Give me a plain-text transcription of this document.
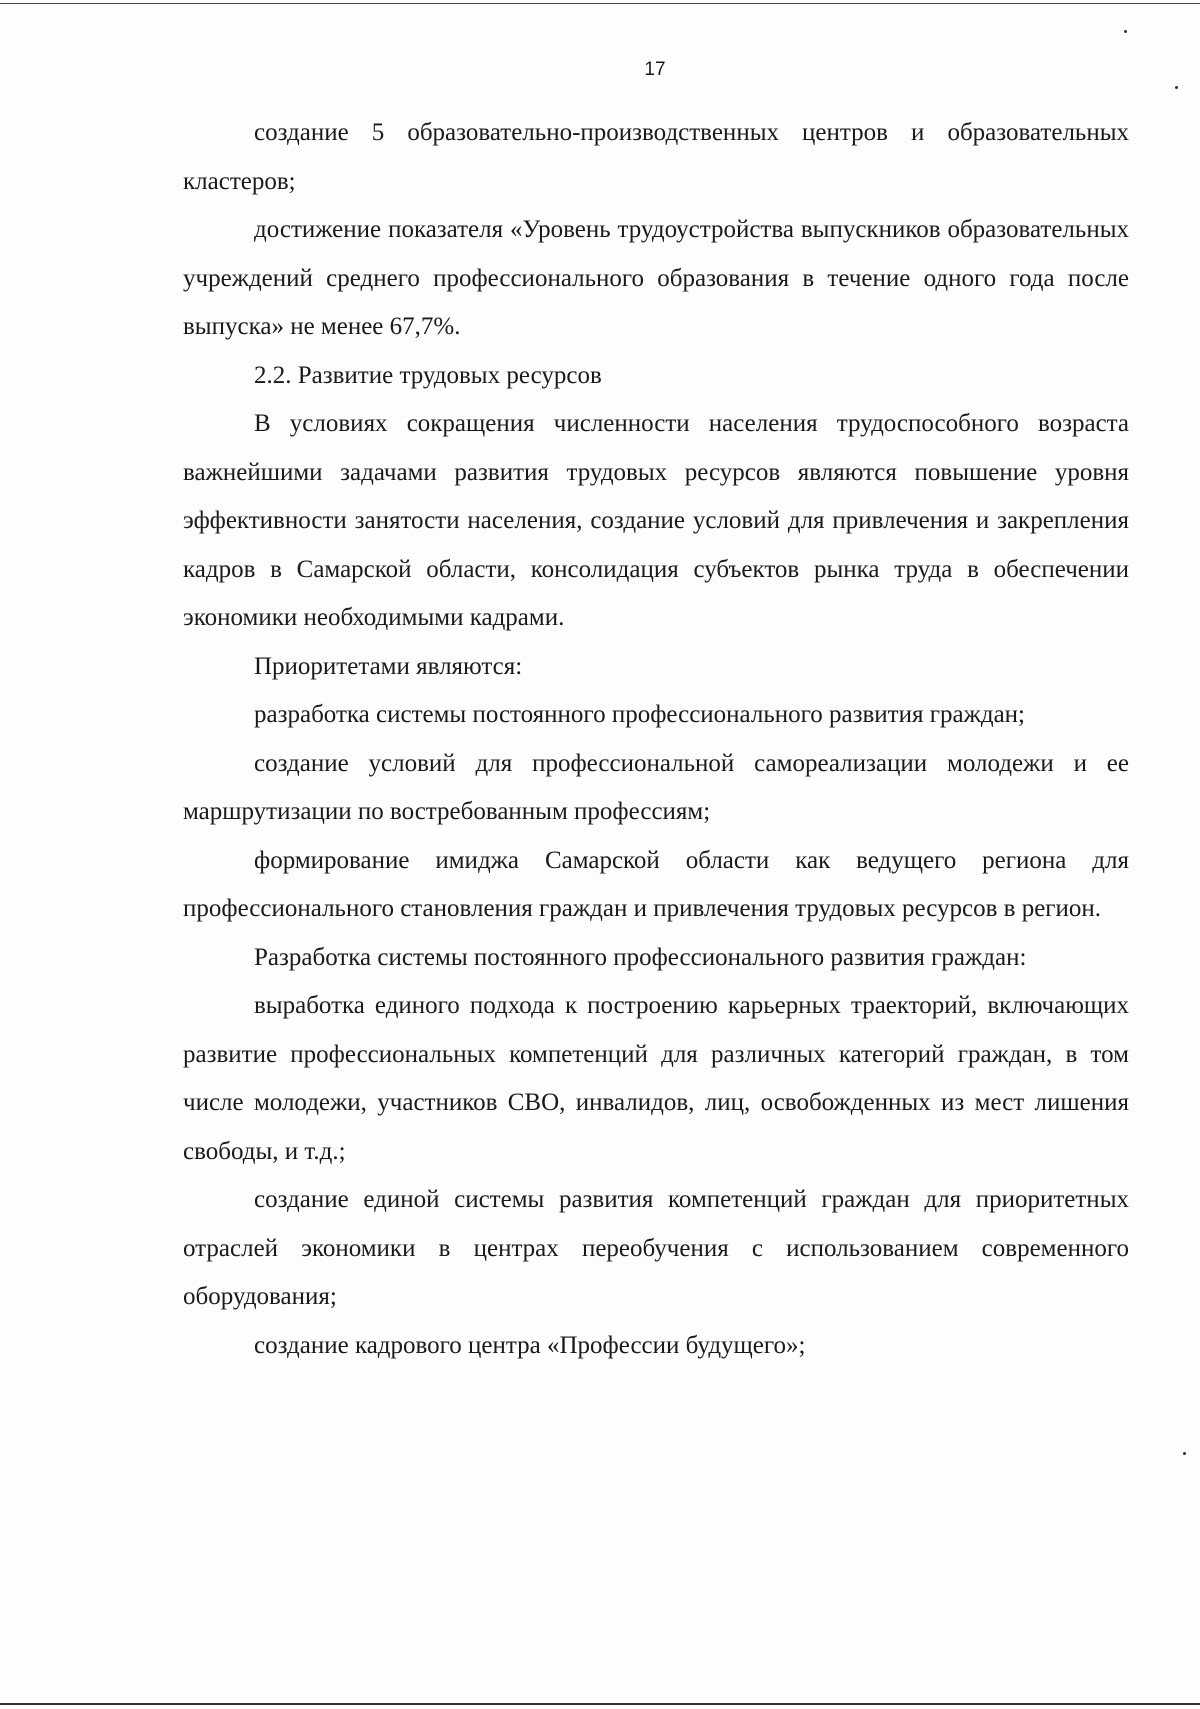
17

создание 5 образовательно-производственных центров и образовательных кластеров;

достижение показателя «Уровень трудоустройства выпускников образовательных учреждений среднего профессионального образования в течение одного года после выпуска» не менее 67,7%.

2.2. Развитие трудовых ресурсов

В условиях сокращения численности населения трудоспособного возраста важнейшими задачами развития трудовых ресурсов являются повышение уровня эффективности занятости населения, создание условий для привлечения и закрепления кадров в Самарской области, консолидация субъектов рынка труда в обеспечении экономики необходимыми кадрами.

Приоритетами являются:

разработка системы постоянного профессионального развития граждан;

создание условий для профессиональной самореализации молодежи и ее маршрутизации по востребованным профессиям;

формирование имиджа Самарской области как ведущего региона для профессионального становления граждан и привлечения трудовых ресурсов в регион.

Разработка системы постоянного профессионального развития граждан:

выработка единого подхода к построению карьерных траекторий, включающих развитие профессиональных компетенций для различных категорий граждан, в том числе молодежи, участников СВО, инвалидов, лиц, освобожденных из мест лишения свободы, и т.д.;

создание единой системы развития компетенций граждан для приоритетных отраслей экономики в центрах переобучения с использованием современного оборудования;

создание кадрового центра «Профессии будущего»;
